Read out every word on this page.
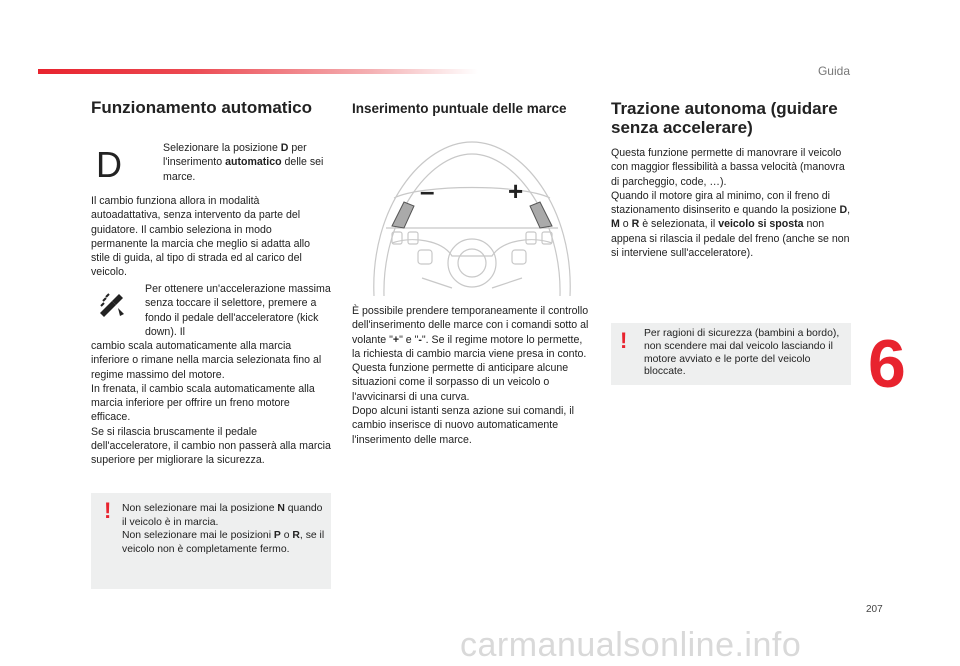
Guida
6
207
carmanualsonline.info
Funzionamento automatico
D	Selezionare la posizione D per l'inserimento automatico delle sei marce.

Il cambio funziona allora in modalità autoadattativa, senza intervento da parte del guidatore. Il cambio seleziona in modo permanente la marcia che meglio si adatta allo stile di guida, al tipo di strada ed al carico del veicolo.

Per ottenere un'accelerazione massima senza toccare il selettore, premere a fondo il pedale dell'acceleratore (kick down). Il

cambio scala automaticamente alla marcia inferiore o rimane nella marcia selezionata fino al regime massimo del motore.

In frenata, il cambio scala automaticamente alla marcia inferiore per offrire un freno motore efficace.

Se si rilascia bruscamente il pedale dell'acceleratore, il cambio non passerà alla marcia superiore per migliorare la sicurezza.

! Non selezionare mai la posizione N quando il veicolo è in marcia.
Non selezionare mai le posizioni P o R, se il veicolo non è completamente fermo.
Inserimento puntuale delle marce
–	+

È possibile prendere temporaneamente il controllo dell'inserimento delle marce con i comandi sotto al volante "+" e "-". Se il regime motore lo permette, la richiesta di cambio marcia viene presa in conto.

Questa funzione permette di anticipare alcune situazioni come il sorpasso di un veicolo o l'avvicinarsi di una curva.

Dopo alcuni istanti senza azione sui comandi, il cambio inserisce di nuovo automaticamente l'inserimento delle marce.

Trazione autonoma (guidare senza accelerare)

Questa funzione permette di manovrare il veicolo con maggior flessibilità a bassa velocità (manovra di parcheggio, code, …).

Quando il motore gira al minimo, con il freno di stazionamento disinserito e quando la posizione D, M o R è selezionata, il veicolo si sposta non appena si rilascia il pedale del freno (anche se non si interviene sull'acceleratore).

! Per ragioni di sicurezza (bambini a bordo), non scendere mai dal veicolo lasciando il motore avviato e le porte del veicolo bloccate.
